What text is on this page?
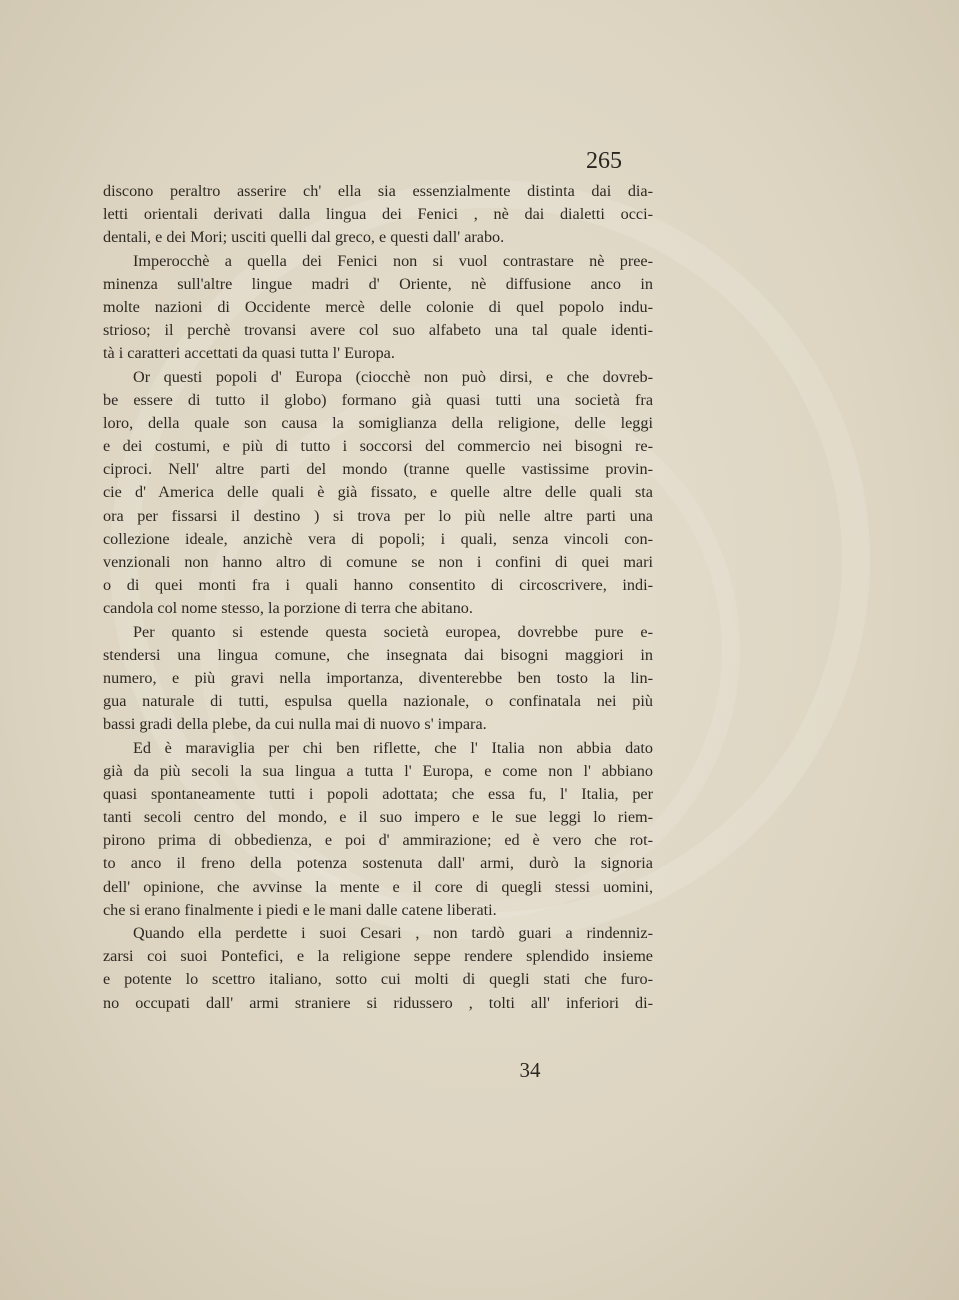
265
discono peraltro asserire ch' ella sia essenzialmente distinta dai dia-
letti orientali derivati dalla lingua dei Fenici , nè dai dialetti occi-
dentali, e dei Mori; usciti quelli dal greco, e questi dall' arabo.
Imperocchè a quella dei Fenici non si vuol contrastare nè pree-
minenza sull'altre lingue madri d' Oriente, nè diffusione anco in
molte nazioni di Occidente mercè delle colonie di quel popolo indu-
strioso; il perchè trovansi avere col suo alfabeto una tal quale identi-
tà i caratteri accettati da quasi tutta l' Europa.
Or questi popoli d' Europa (ciocchè non può dirsi, e che dovreb-
be essere di tutto il globo) formano già quasi tutti una società fra
loro, della quale son causa la somiglianza della religione, delle leggi
e dei costumi, e più di tutto i soccorsi del commercio nei bisogni re-
ciproci. Nell' altre parti del mondo (tranne quelle vastissime provin-
cie d' America delle quali è già fissato, e quelle altre delle quali sta
ora per fissarsi il destino ) si trova per lo più nelle altre parti una
collezione ideale, anzichè vera di popoli; i quali, senza vincoli con-
venzionali non hanno altro di comune se non i confini di quei mari
o di quei monti fra i quali hanno consentito di circoscrivere, indi-
candola col nome stesso, la porzione di terra che abitano.
Per quanto si estende questa società europea, dovrebbe pure e-
stendersi una lingua comune, che insegnata dai bisogni maggiori in
numero, e più gravi nella importanza, diventerebbe ben tosto la lin-
gua naturale di tutti, espulsa quella nazionale, o confinatala nei più
bassi gradi della plebe, da cui nulla mai di nuovo s' impara.
Ed è maraviglia per chi ben riflette, che l' Italia non abbia dato
già da più secoli la sua lingua a tutta l' Europa, e come non l' abbiano
quasi spontaneamente tutti i popoli adottata; che essa fu, l' Italia, per
tanti secoli centro del mondo, e il suo impero e le sue leggi lo riem-
pirono prima di obbedienza, e poi d' ammirazione; ed è vero che rot-
to anco il freno della potenza sostenuta dall' armi, durò la signoria
dell' opinione, che avvinse la mente e il core di quegli stessi uomini,
che si erano finalmente i piedi e le mani dalle catene liberati.
Quando ella perdette i suoi Cesari , non tardò guari a rindenniz-
zarsi coi suoi Pontefici, e la religione seppe rendere splendido insieme
e potente lo scettro italiano, sotto cui molti di quegli stati che furo-
no occupati dall' armi straniere si ridussero , tolti all' inferiori di-
34
